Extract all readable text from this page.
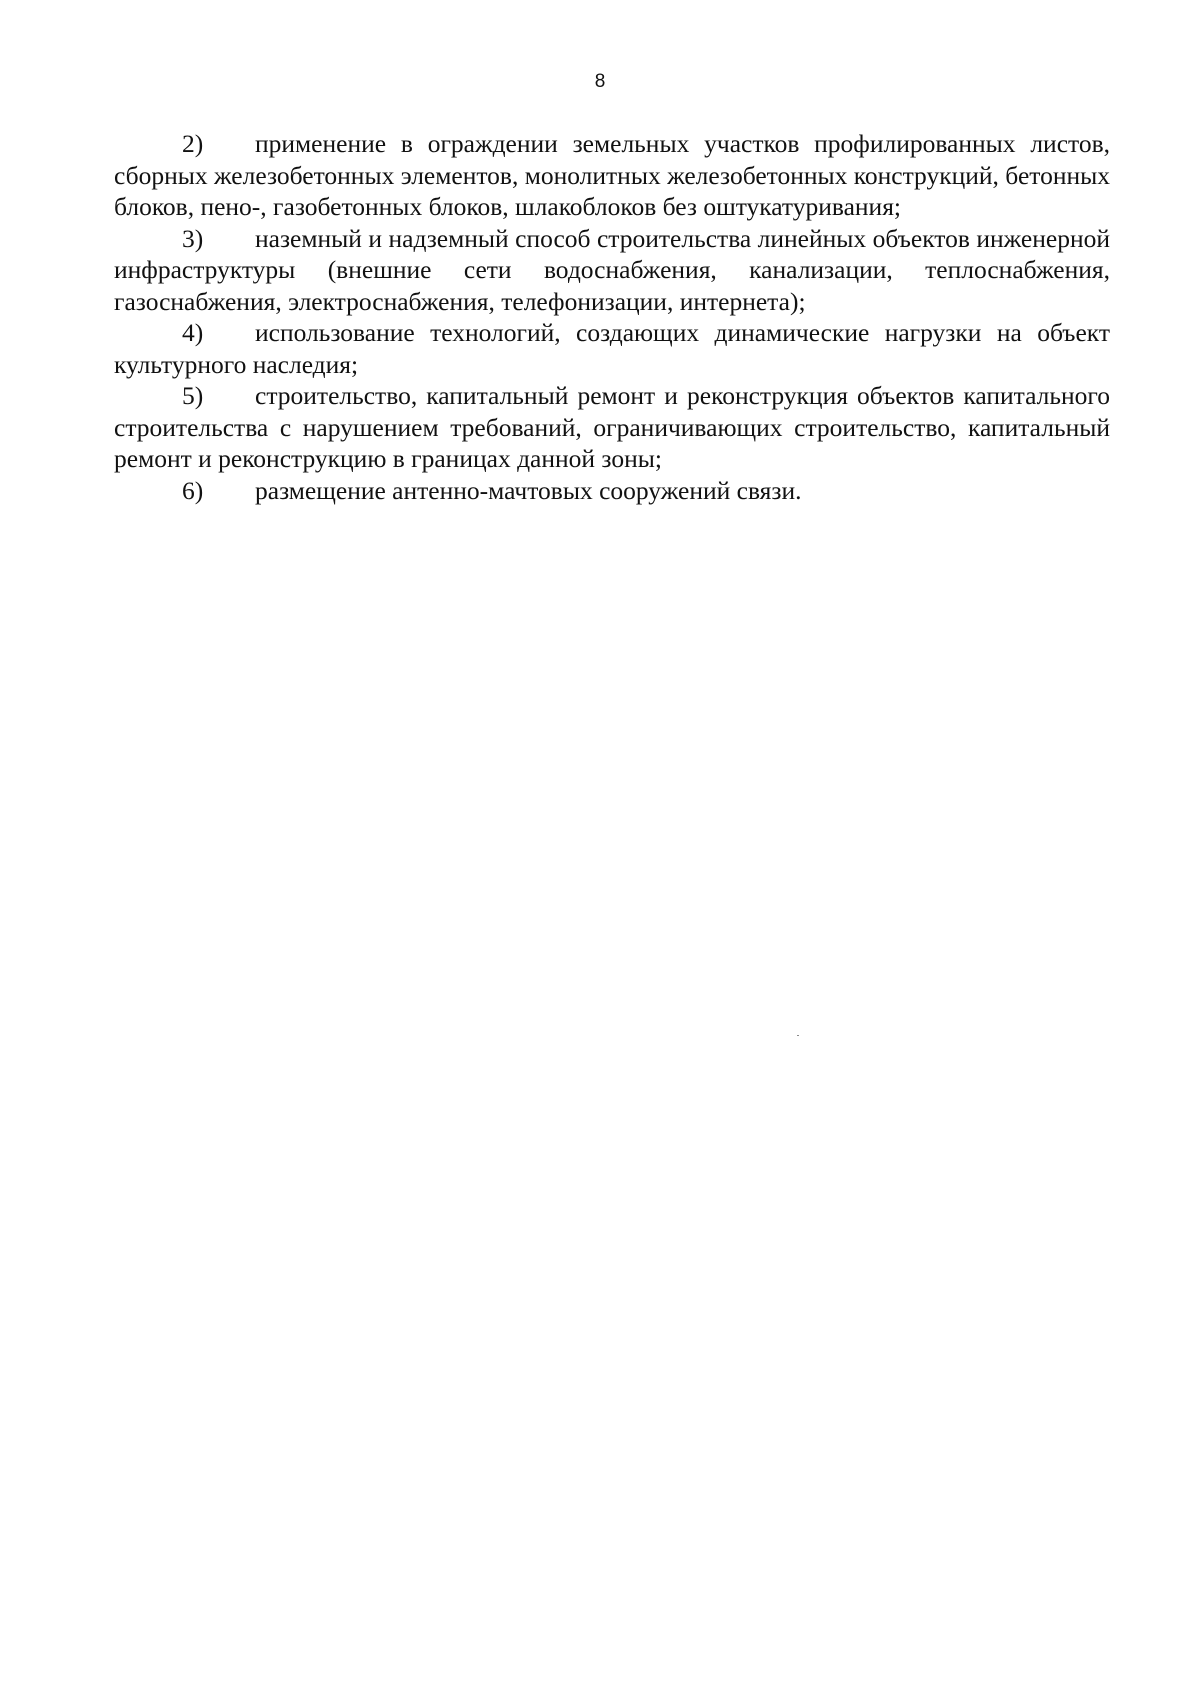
8

2) применение в ограждении земельных участков профилированных листов, сборных железобетонных элементов, монолитных железобетонных конструкций, бетонных блоков, пено-, газобетонных блоков, шлакоблоков без оштукатуривания;

3) наземный и надземный способ строительства линейных объектов инженерной инфраструктуры (внешние сети водоснабжения, канализации, теплоснабжения, газоснабжения, электроснабжения, телефонизации, интернета);

4) использование технологий, создающих динамические нагрузки на объект культурного наследия;

5) строительство, капитальный ремонт и реконструкция объектов капитального строительства с нарушением требований, ограничивающих строительство, капитальный ремонт и реконструкцию в границах данной зоны;

6) размещение антенно-мачтовых сооружений связи.
